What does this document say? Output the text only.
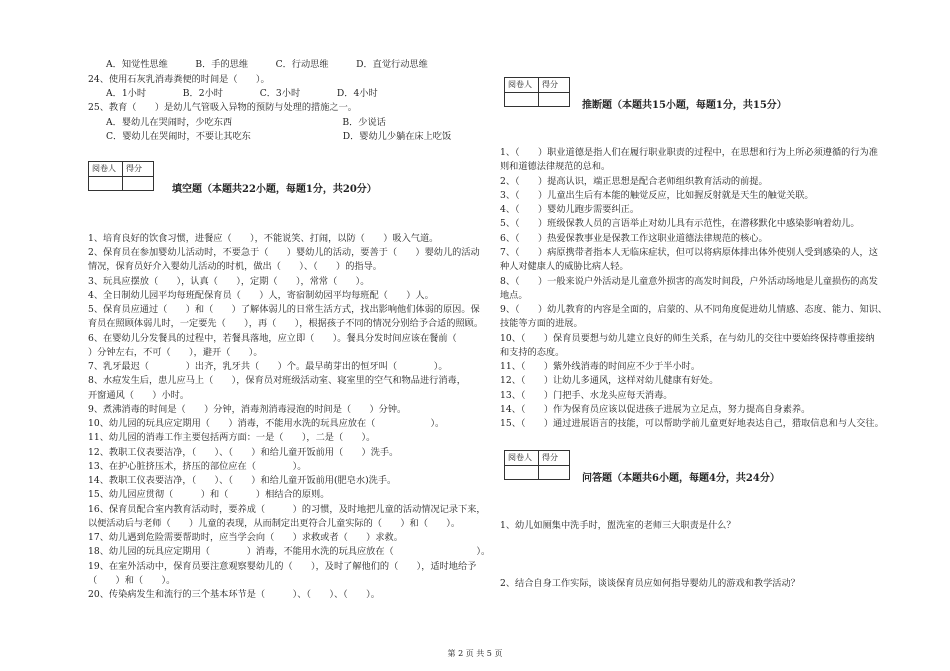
A．知觉性思维　　　B．手的思维　　　C．行动思维　　　D．直觉行动思维
24、使用石灰乳消毒粪便的时间是（　　）。
A．1小时　　　　B．2小时　　　　C．3小时　　　　D．4小时
25、教育（　　）是幼儿气管吸入异物的预防与处理的措施之一。
A．婴幼儿在哭闹时，少吃东西　　　　　　　　　　　　B．少说话
C．婴幼儿在哭闹时，不要让其吃东　　　　　　　　　　D．婴幼儿少躺在床上吃饭
阅卷人	得分
填空题（本题共22小题，每题1分，共20分）
1、培育良好的饮食习惯，进餐应（　　），不能说笑、打闹，以防（　　）吸入气道。
2、保育员在参加婴幼儿活动时，不要急于（　　）婴幼儿的活动，要善于（　　）婴幼儿的活动
情况，保育员好介入婴幼儿活动的时机，做出（　　）、（　　）的指导。
3、玩具应摆放（　　），认真（　　），定期（　　），常常（　　）。
4、全日制幼儿园平均每班配保育员（　　）人，寄宿制幼园平均每班配（　　）人。
5、保育员应通过（　　）和（　　）了解体弱儿的日常生活方式，找出影响他们体弱的原因。保
育员在照顾体弱儿时，一定要先（　　），再（　　），根据孩子不同的情况分别给予合适的照顾。
6、在婴幼儿分发餐具的过程中，若餐具落地，应立即（　　）。餐具分发时间应该在餐前（　　
）分钟左右，不可（　　），避开（　　）。
7、乳牙最迟（　　　　）出齐，乳牙共（　　）个。最早萌芽出的恒牙叫（　　　　）。
8、水痘发生后，患儿应马上（　　），保育员对班级活动室、寝室里的空气和物品进行消毒，
开窗通风（　　）小时。
9、煮沸消毒的时间是（　　）分钟，消毒剂消毒浸泡的时间是（　　）分钟。
10、幼儿园的玩具应定期用（　　）消毒，不能用水洗的玩具应放在（　　　　　　）。
11、幼儿园的消毒工作主要包括两方面：一是（　　），二是（　　）。
12、教职工仪表要洁净，（　　）、（　　）和给儿童开饭前用（　　）洗手。
13、在护心脏挤压术，挤压的部位应在（　　　　）。
14、教职工仪表要洁净，（　　）、（　　）和给儿童开饭前用(肥皂水)洗手。
15、幼儿园应贯彻（　　　）和（　　　）相结合的原则。
16、保育员配合室内教育活动时，要养成（　　　）的习惯，及时地把儿童的活动情况记录下来，
以便活动后与老师（　　）儿童的表现，从而制定出更符合儿童实际的（　　）和（　　）。
17、幼儿遇到危险需要帮助时，应当学会向（　　）求救或者（　　）求救。
18、幼儿园的玩具应定期用（　　　　）消毒，不能用水洗的玩具应放在（　　　　　　　　　）。
19、在室外活动中，保育员要注意观察婴幼儿的（　　），及时了解他们的（　　），适时地给予
（　　）和（　　）。
20、传染病发生和流行的三个基本环节是（　　　）、（　　）、（　　）。
阅卷人	得分
推断题（本题共15小题，每题1分，共15分）
1、（　　）职业道德是指人们在履行职业职责的过程中，在思想和行为上所必须遵循的行为准
则和道德法律规范的总和。
2、（　　）提高认识，端正思想是配合老师组织教育活动的前提。
3、（　　）儿童出生后有本能的触觉反应，比如握反射就是天生的触觉关联。
4、（　　）婴幼儿跑步需要纠正。
5、（　　）班级保教人员的言语举止对幼儿具有示范性，在潜移默化中感染影响着幼儿。
6、（　　）热爱保教事业是保教工作这职业道德法律规范的核心。
7、（　　）病原携带者指本人无临床症状，但可以将病原体排出体外使别人受到感染的人，这
种人对健康人的威胁比病人轻。
8、（　　）一般来说户外活动是儿童意外损害的高发时间段，户外活动场地是儿童损伤的高发
地点。
9、（　　）幼儿教育的内容是全面的，启蒙的、从不同角度促进幼儿情感、态度、能力、知识、
技能等方面的进展。
10、（　　）保育员要想与幼儿建立良好的师生关系，在与幼儿的交往中要始终保持尊重接纳
和支持的态度。
11、（　　）紫外线消毒的时间应不少于半小时。
12、（　　）让幼儿多通风，这样对幼儿健康有好处。
13、（　　）门把手、水龙头应每天消毒。
14、（　　）作为保育员应该以促进孩子进展为立足点，努力提高自身素养。
15、（　　）通过进展语言的技能，可以帮助学前儿童更好地表达自己，猎取信息和与人交往。
阅卷人	得分
问答题（本题共6小题，每题4分，共24分）
1、幼儿如厕集中洗手时，盥洗室的老师三大职责是什么？
2、结合自身工作实际，谈谈保育员应如何指导婴幼儿的游戏和教学活动？
第 2 页 共 5 页
